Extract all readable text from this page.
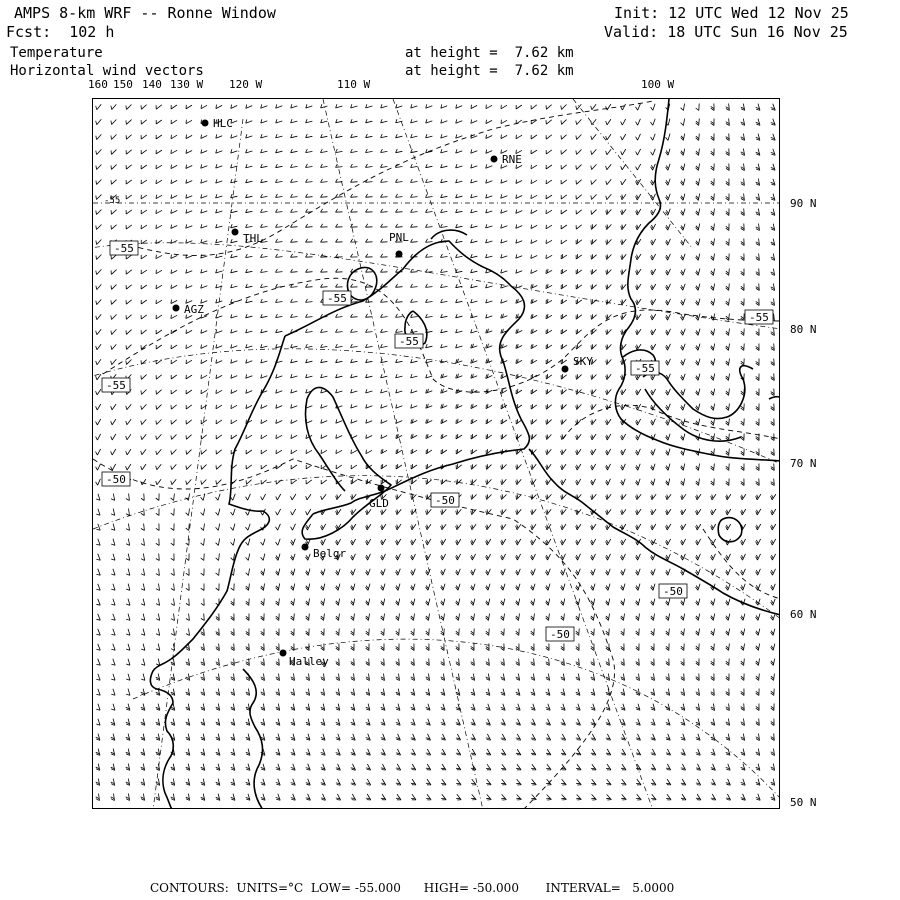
AMPS 8-km WRF -- Ronne Window	Init: 12 UTC Wed 12 Nov 25
Fcst:  102 h	Valid: 18 UTC Sun 16 Nov 25
Temperature	at height =  7.62 km
Horizontal wind vectors	at height =  7.62 km
160 150 140 130 W 120 W	110 W	100 W
90 N
80 N
70 N
60 N
50 N
-55
-55
-55
-55
-55
-55
-50
-50
-50
-50
-55
HLC
RNE
THL	PNL
AGZ
SKY
GLD
Belgr
Halley
CONTOURS:  UNITS=°C  LOW= -55.000      HIGH= -50.000       INTERVAL=   5.0000
